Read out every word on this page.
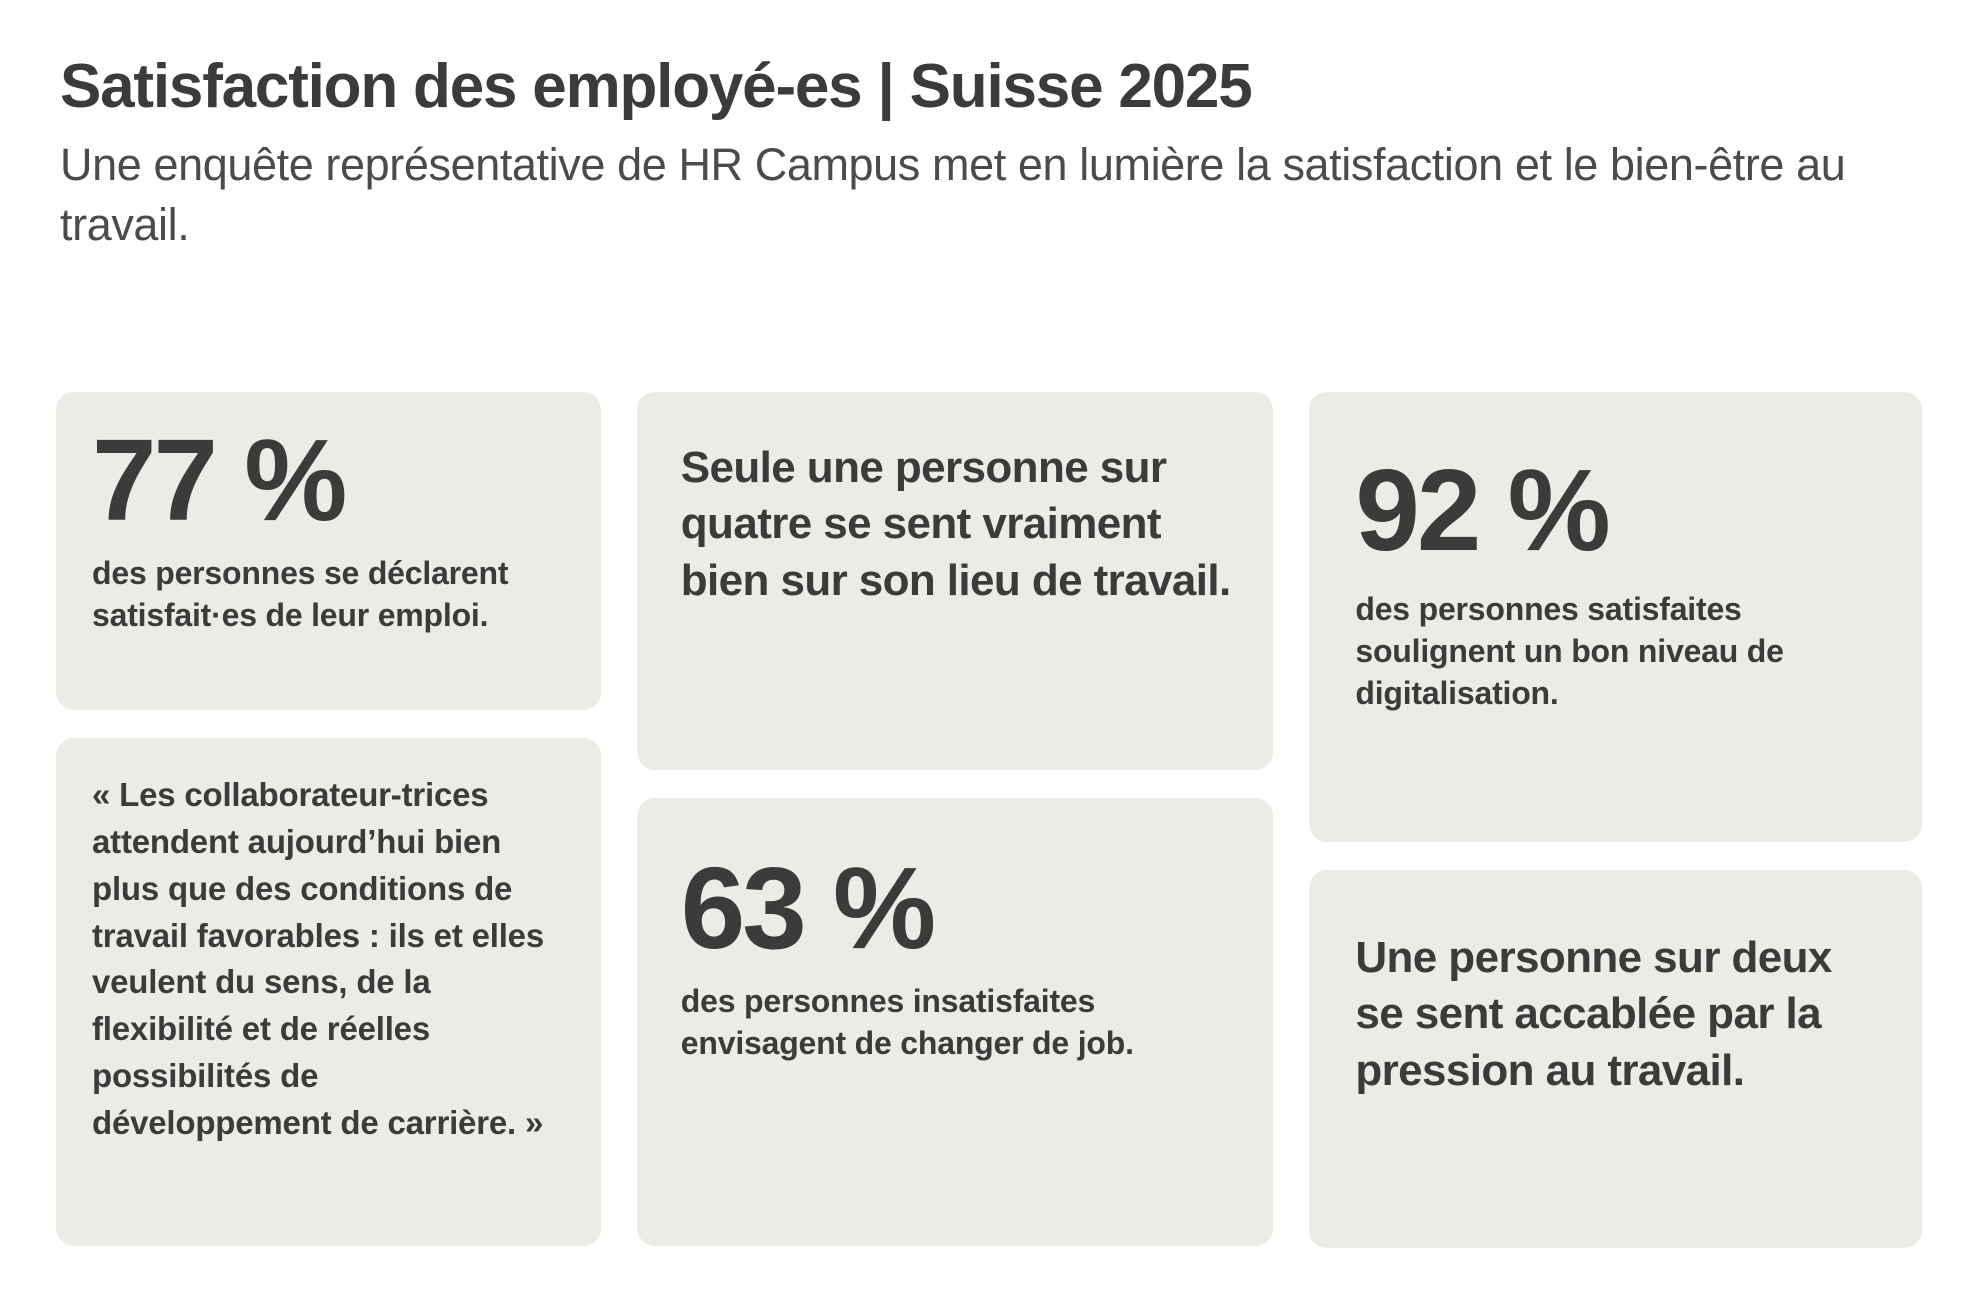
Satisfaction des employé-es | Suisse 2025

Une enquête représentative de HR Campus met en lumière la satisfaction et le bien-être au travail.

77 %
des personnes se déclarent satisfait·es de leur emploi.
« Les collaborateur-trices attendent aujourd’hui bien plus que des conditions de travail favorables : ils et elles veulent du sens, de la flexibilité et de réelles possibilités de développement de carrière. »
Seule une personne sur quatre se sent vraiment bien sur son lieu de travail.
63 %
des personnes insatisfaites envisagent de changer de job.
92 %
des personnes satisfaites soulignent un bon niveau de digitalisation.
Une personne sur deux se sent accablée par la pression au travail.
